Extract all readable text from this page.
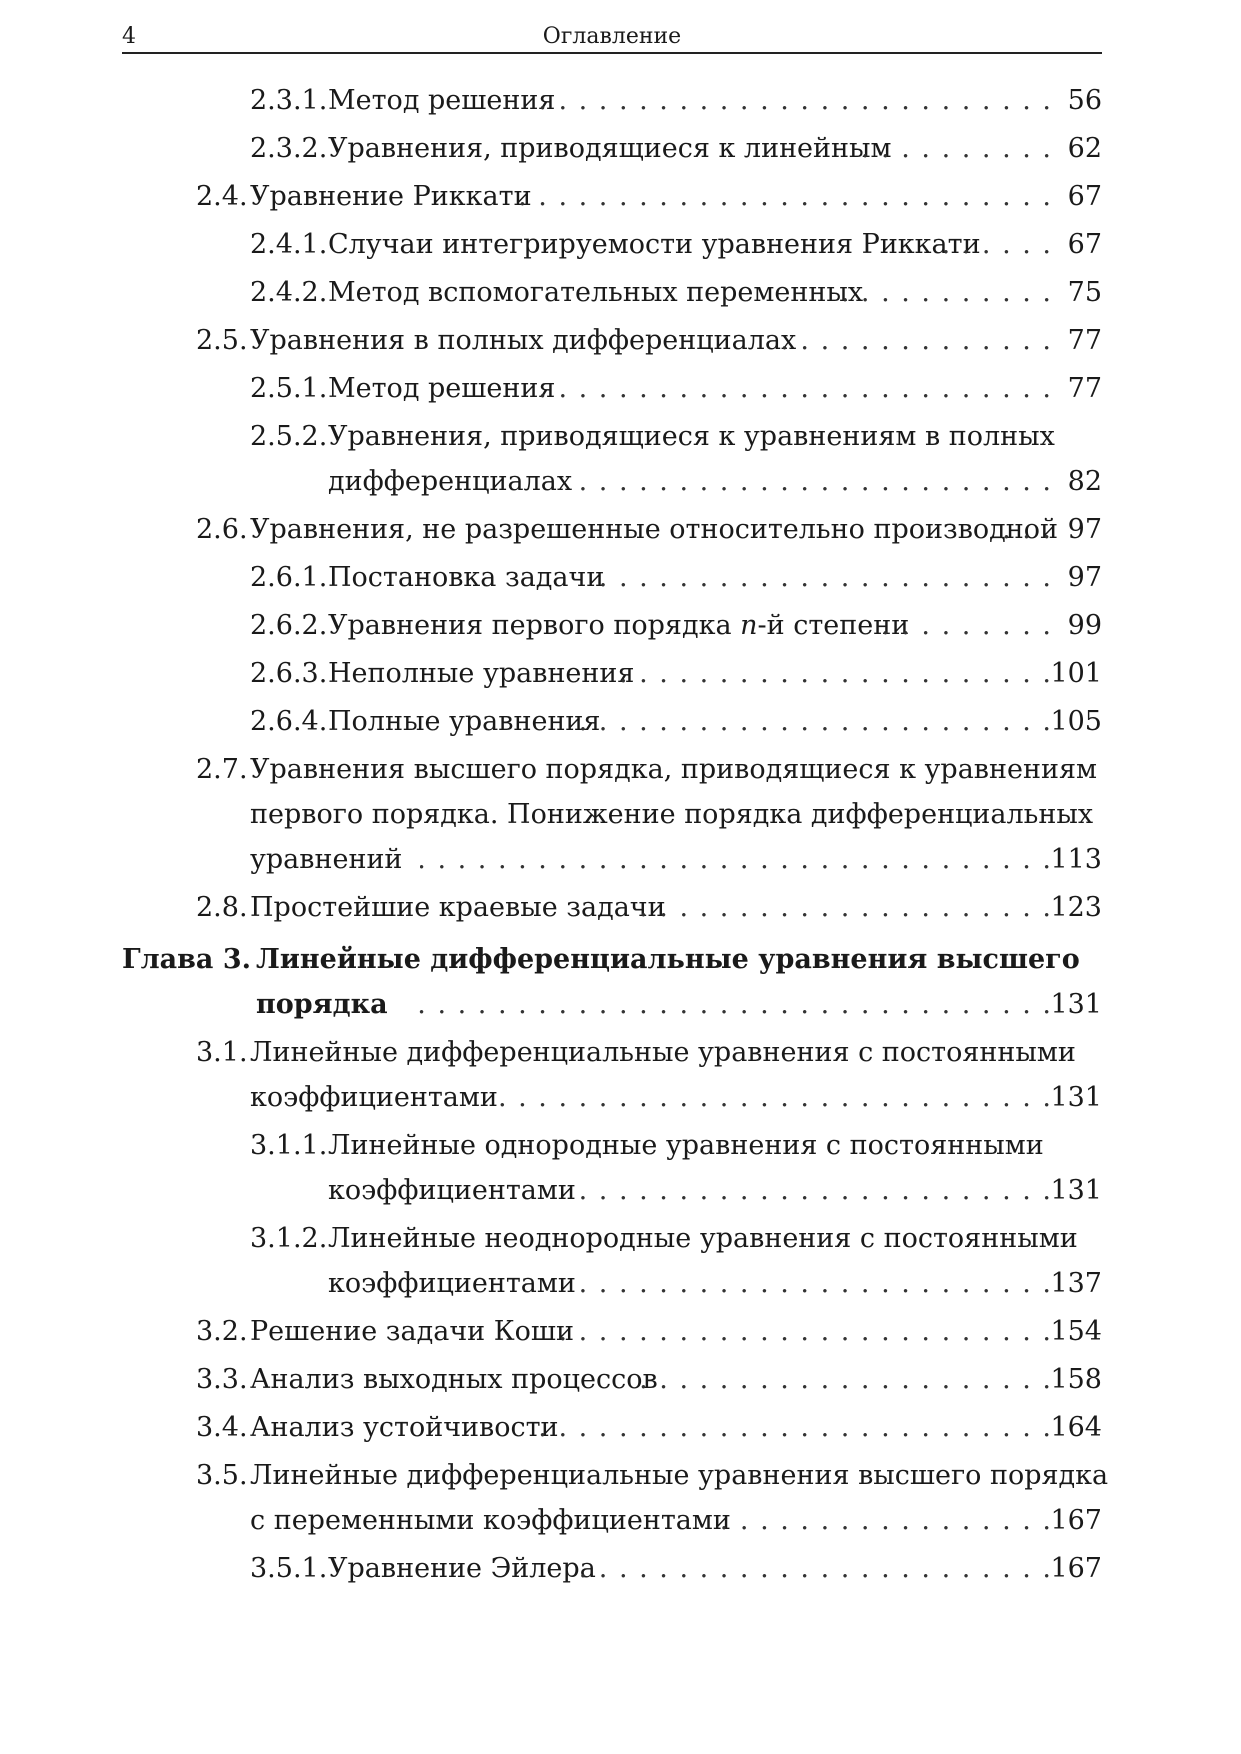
4	Оглавление
2.3.1. Метод решения . . .	56
2.3.2. Уравнения, приводящиеся к линейным . . .	62
2.4. Уравнение Риккати . . .	67
2.4.1. Случаи интегрируемости уравнения Риккати . . .	67
2.4.2. Метод вспомогательных переменных . . .	75
2.5. Уравнения в полных дифференциалах . . .	77
2.5.1. Метод решения . . .	77
2.5.2. Уравнения, приводящиеся к уравнениям в полных
дифференциалах . . .	82
2.6. Уравнения, не разрешенные относительно производной . . . 97
2.6.1. Постановка задачи . . .	97
2.6.2. Уравнения первого порядка n-й степени . . .	99
2.6.3. Неполные уравнения . . .	101
2.6.4. Полные уравнения . . .	105
2.7. Уравнения высшего порядка, приводящиеся к уравнениям
первого порядка. Понижение порядка дифференциальных
уравнений . . .	113
2.8. Простейшие краевые задачи . . .	123
Глава 3. Линейные дифференциальные уравнения высшего
порядка . . .	131
3.1. Линейные дифференциальные уравнения с постоянными
коэффициентами . . .	131
3.1.1. Линейные однородные уравнения с постоянными
коэффициентами . . .	131
3.1.2. Линейные неоднородные уравнения с постоянными
коэффициентами . . .	137
3.2. Решение задачи Коши . . .	154
3.3. Анализ выходных процессов . . .	158
3.4. Анализ устойчивости . . .	164
3.5. Линейные дифференциальные уравнения высшего порядка
с переменными коэффициентами . . .	167
3.5.1. Уравнение Эйлера . . .	167
